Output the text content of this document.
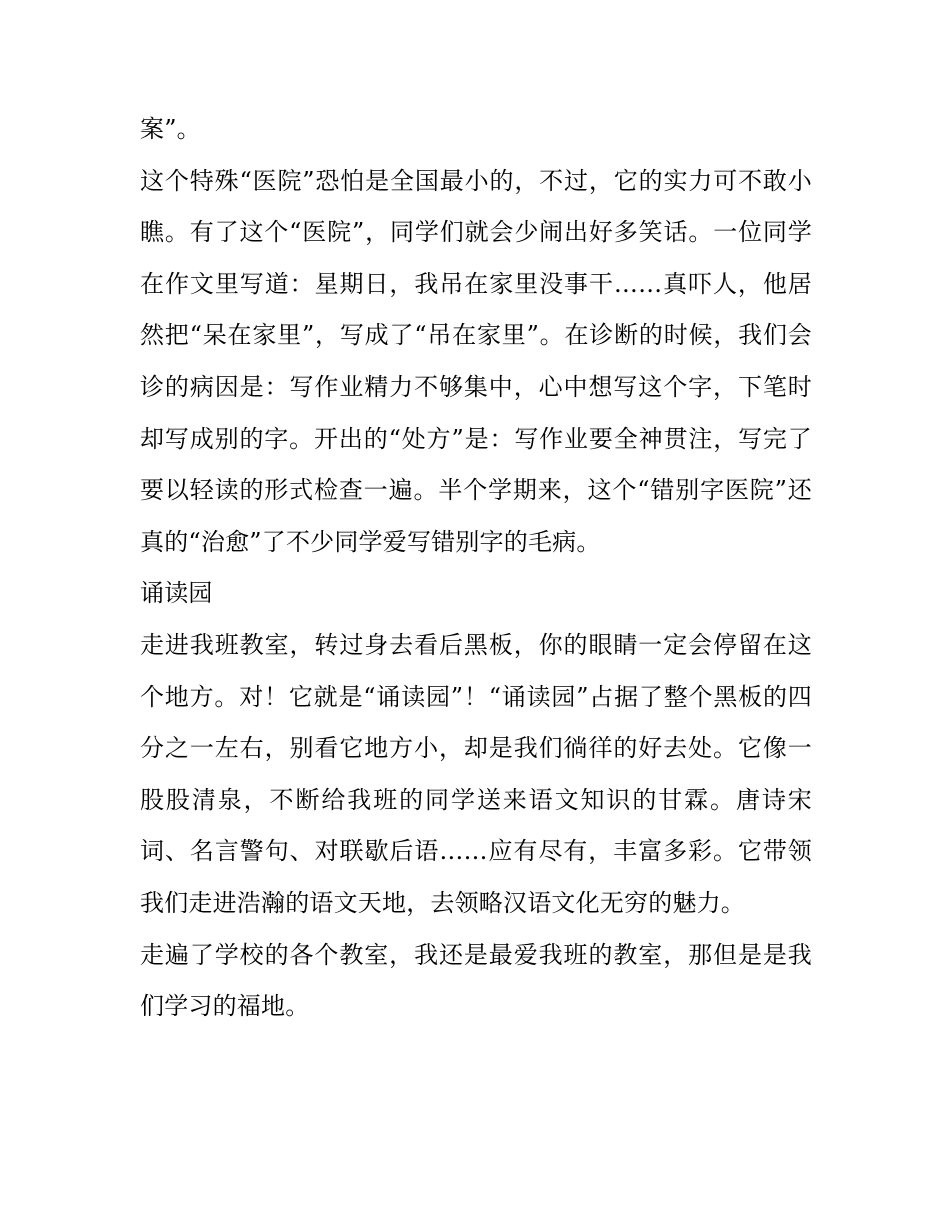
案”。

这个特殊“医院”恐怕是全国最小的，不过，它的实力可不敢小瞧。有了这个“医院”，同学们就会少闹出好多笑话。一位同学在作文里写道：星期日，我吊在家里没事干……真吓人，他居然把“呆在家里”，写成了“吊在家里”。在诊断的时候，我们会诊的病因是：写作业精力不够集中，心中想写这个字，下笔时却写成别的字。开出的“处方”是：写作业要全神贯注，写完了要以轻读的形式检查一遍。半个学期来，这个“错别字医院”还真的“治愈”了不少同学爱写错别字的毛病。

诵读园

走进我班教室，转过身去看后黑板，你的眼睛一定会停留在这个地方。对！它就是“诵读园”！“诵读园”占据了整个黑板的四分之一左右，别看它地方小，却是我们徜徉的好去处。它像一股股清泉，不断给我班的同学送来语文知识的甘霖。唐诗宋词、名言警句、对联歇后语……应有尽有，丰富多彩。它带领我们走进浩瀚的语文天地，去领略汉语文化无穷的魅力。

走遍了学校的各个教室，我还是最爱我班的教室，那但是是我们学习的福地。
